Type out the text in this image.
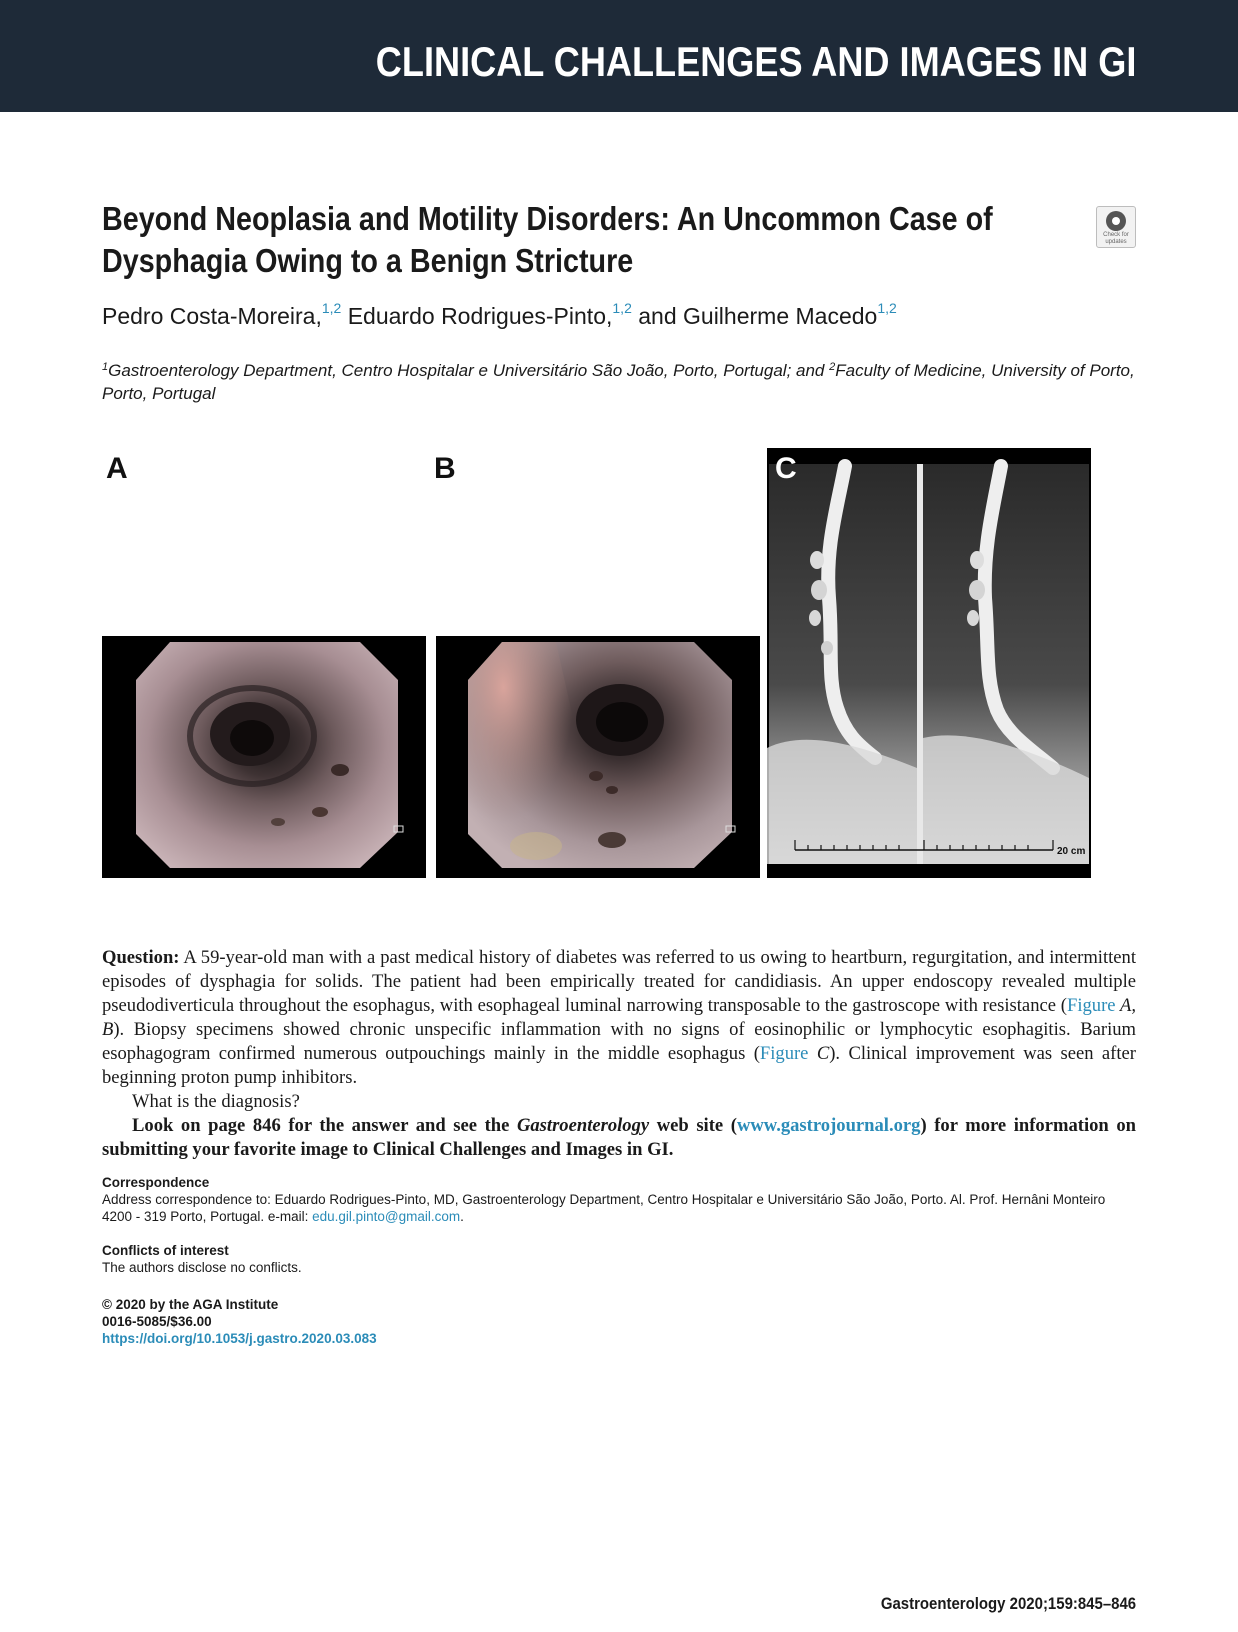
CLINICAL CHALLENGES AND IMAGES IN GI
Beyond Neoplasia and Motility Disorders: An Uncommon Case of
Dysphagia Owing to a Benign Stricture
Check for
updates
Pedro Costa-Moreira,$^{1,2}$ Eduardo Rodrigues-Pinto,$^{1,2}$ and Guilherme Macedo$^{1,2}$
$^1$Gastroenterology Department, Centro Hospitalar e Universitário São João, Porto, Portugal; and $^2$Faculty of Medicine, University of Porto, Porto, Portugal
A	B
20 cm
C

Question: A 59-year-old man with a past medical history of diabetes was referred to us owing to heartburn, regurgitation, and intermittent episodes of dysphagia for solids. The patient had been empirically treated for candidiasis. An upper endoscopy revealed multiple pseudodiverticula throughout the esophagus, with esophageal luminal narrowing transposable to the gastroscope with resistance (Figure A, B). Biopsy specimens showed chronic unspecific inflammation with no signs of eosinophilic or lymphocytic esophagitis. Barium esophagogram confirmed numerous outpouchings mainly in the middle esophagus (Figure C). Clinical improvement was seen after beginning proton pump inhibitors.

What is the diagnosis?

Look on page 846 for the answer and see the Gastroenterology web site (www.gastrojournal.org) for more information on submitting your favorite image to Clinical Challenges and Images in GI.

Correspondence
Address correspondence to: Eduardo Rodrigues-Pinto, MD, Gastroenterology Department, Centro Hospitalar e Universitário São João, Porto. Al. Prof. Hernâni Monteiro 4200 - 319 Porto, Portugal. e-mail: edu.gil.pinto@gmail.com.
Conflicts of interest
The authors disclose no conflicts.
© 2020 by the AGA Institute
0016-5085/$36.00
https://doi.org/10.1053/j.gastro.2020.03.083
Gastroenterology 2020;159:845–846
